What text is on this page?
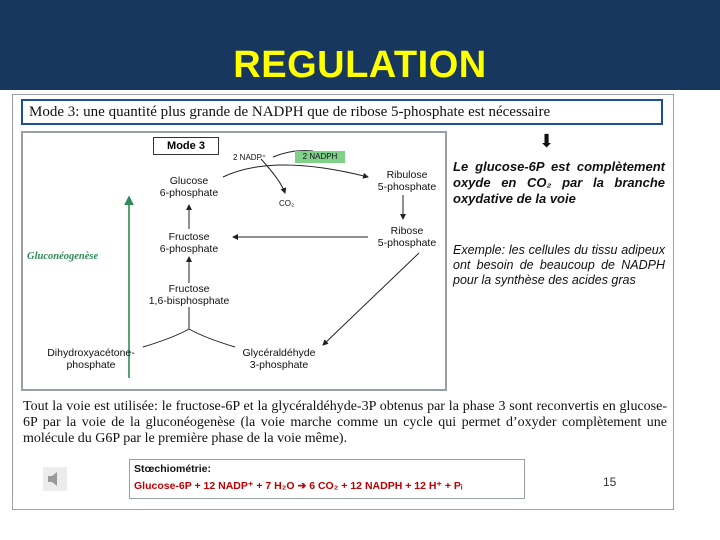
REGULATION
Mode 3: une quantité plus grande de NADPH que de ribose 5-phosphate est nécessaire
Mode 3
Gluconéogenèse
Glucose
6-phosphate
Fructose
6-phosphate
Fructose
1,6-bisphosphate
Dihydroxyacétone-
phosphate
Glycéraldéhyde
3-phosphate
Ribulose
5-phosphate
Ribose
5-phosphate
2 NADP⁺	2 NADPH
CO₂
⬇
Le glucose-6P est complètement oxyde en CO₂ par la branche oxydative de la voie
Exemple: les cellules du tissu adipeux ont besoin de beaucoup de NADPH pour la synthèse des acides gras
Tout la voie est utilisée: le fructose-6P et la glycéraldéhyde-3P obtenus par la phase 3 sont reconvertis en glucose-6P par la voie de la gluconéogenèse (la voie marche comme un cycle qui permet d’oxyder complètement une molécule du G6P par le première phase de la voie même).
Stœchiométrie:
Glucose-6P + 12 NADP⁺ + 7 H₂O ➔ 6 CO₂ + 12 NADPH + 12 H⁺ + Pᵢ	15
